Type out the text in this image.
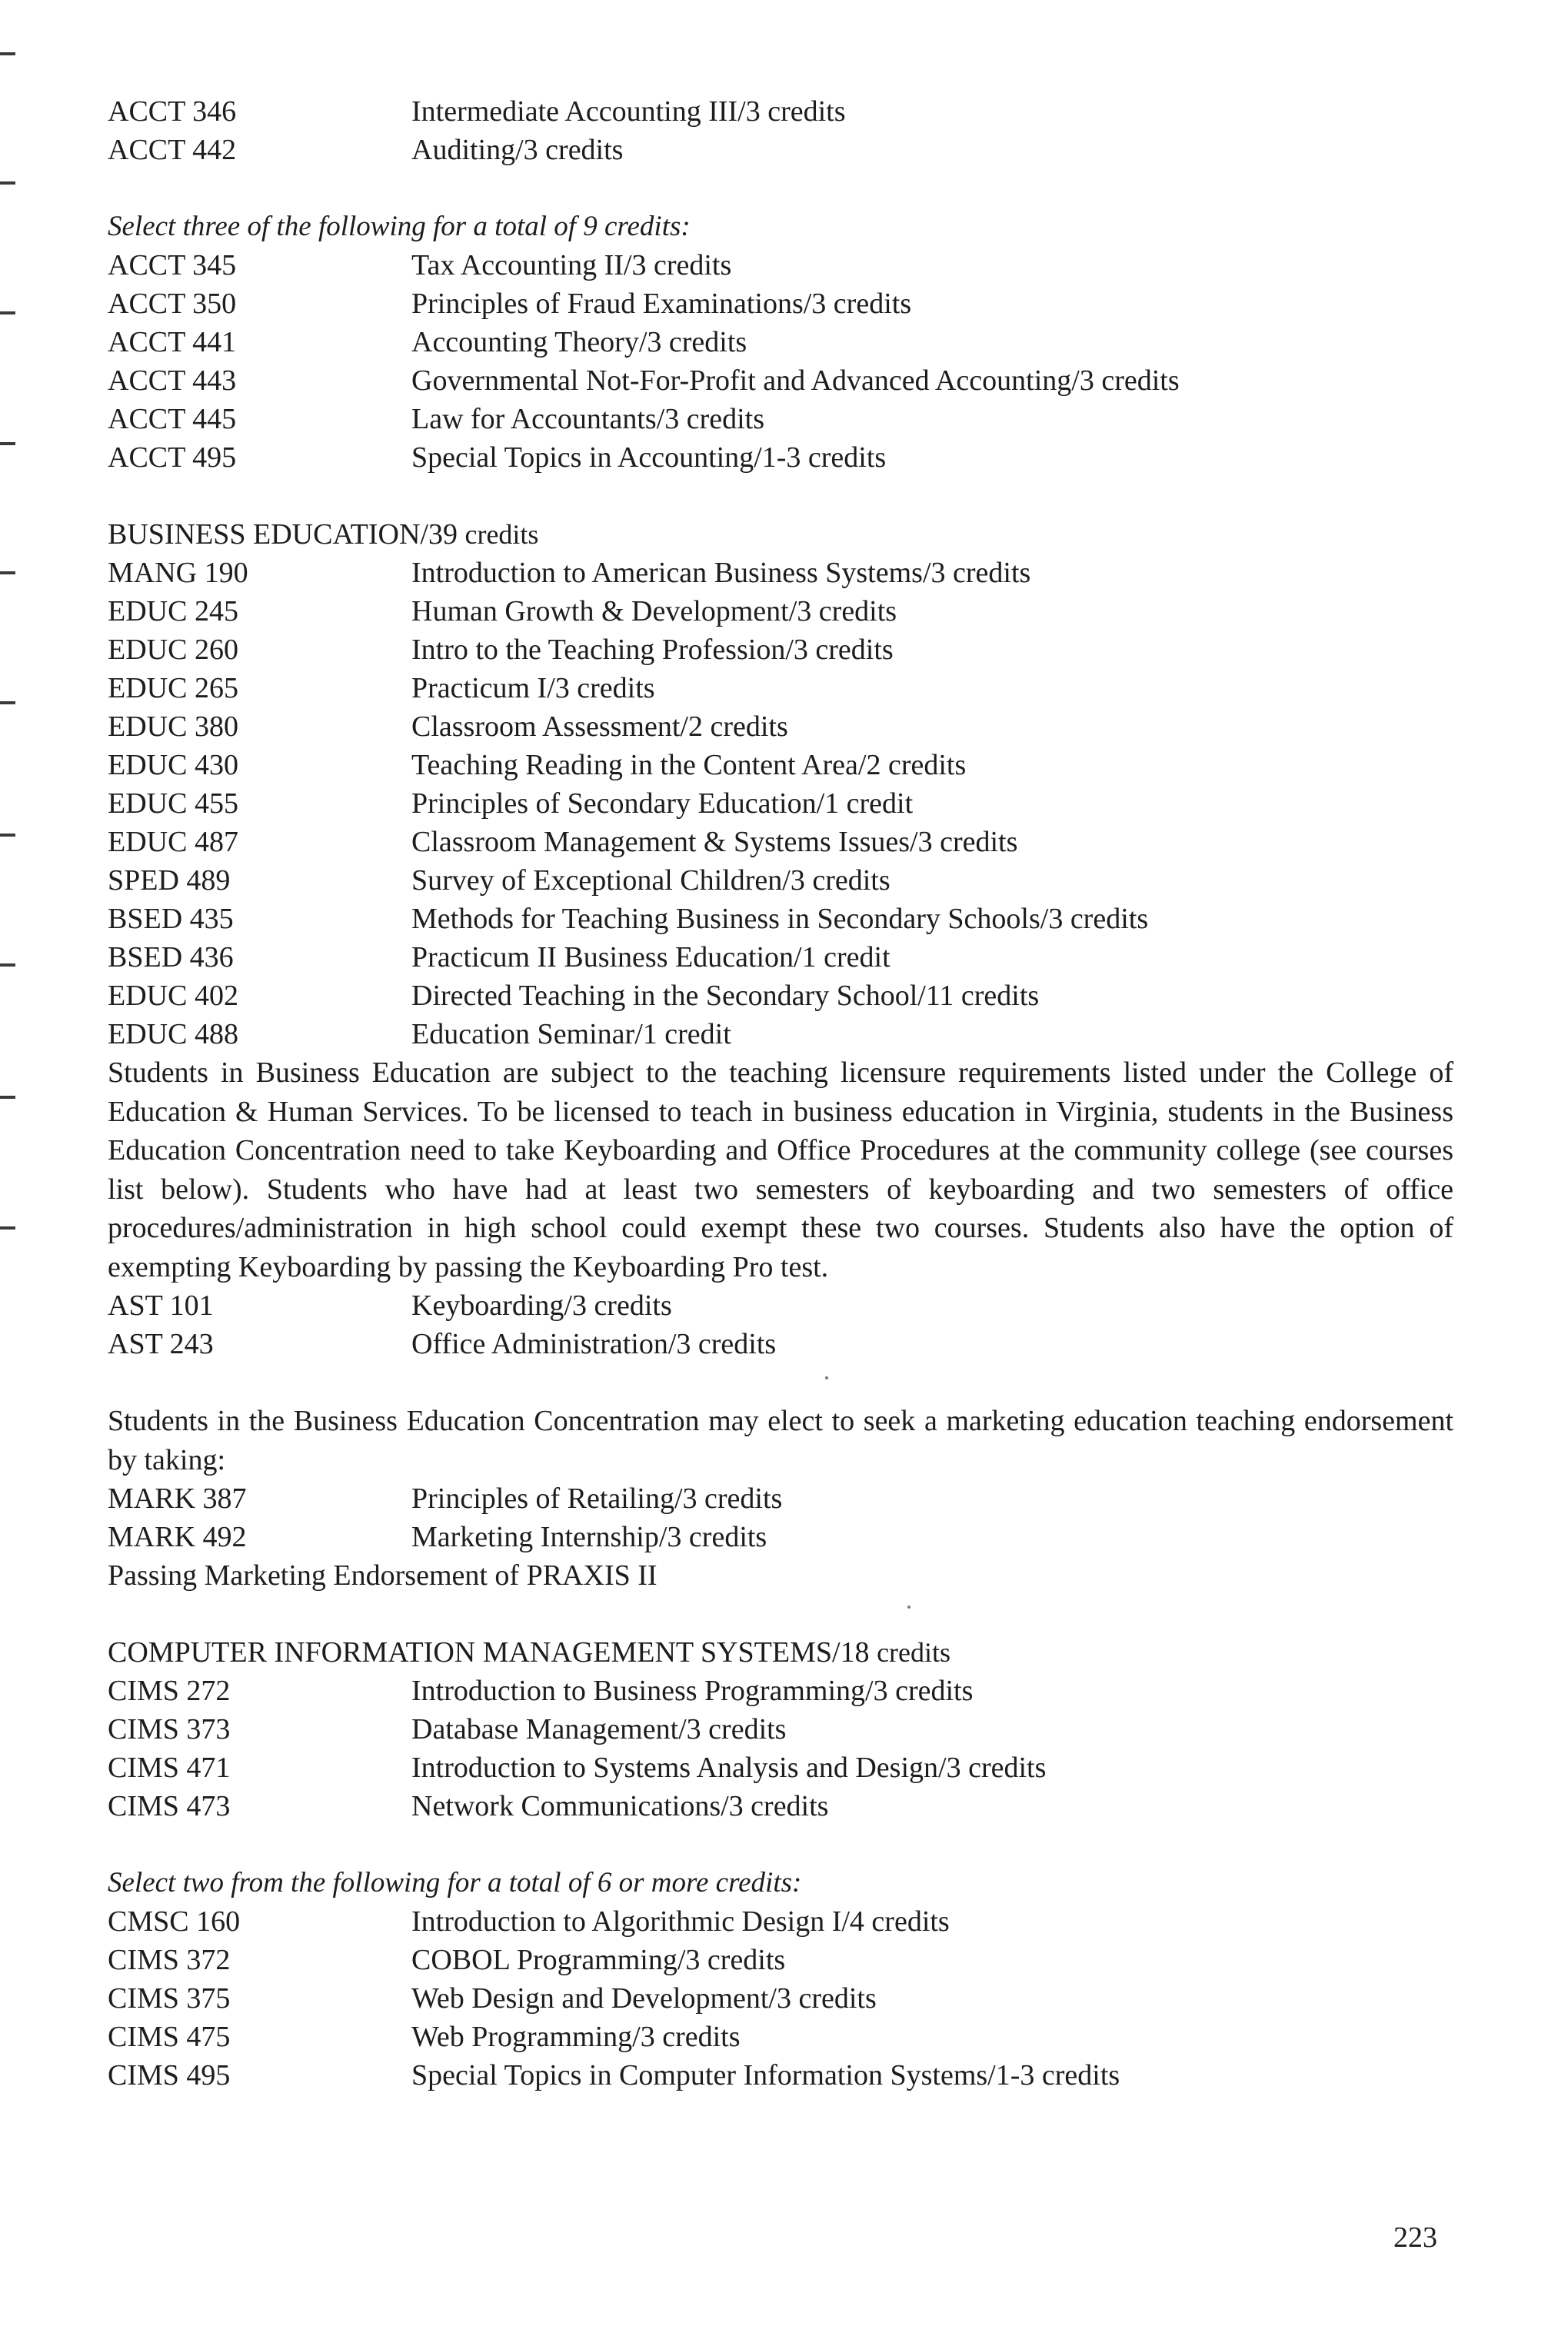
ACCT 346	Intermediate Accounting III/3 credits
ACCT 442	Auditing/3 credits
Select three of the following for a total of 9 credits:
ACCT 345	Tax Accounting II/3 credits
ACCT 350	Principles of Fraud Examinations/3 credits
ACCT 441	Accounting Theory/3 credits
ACCT 443	Governmental Not-For-Profit and Advanced Accounting/3 credits
ACCT 445	Law for Accountants/3 credits
ACCT 495	Special Topics in Accounting/1-3 credits
BUSINESS EDUCATION/39 credits
MANG 190	Introduction to American Business Systems/3 credits
EDUC 245	Human Growth & Development/3 credits
EDUC 260	Intro to the Teaching Profession/3 credits
EDUC 265	Practicum I/3 credits
EDUC 380	Classroom Assessment/2 credits
EDUC 430	Teaching Reading in the Content Area/2 credits
EDUC 455	Principles of Secondary Education/1 credit
EDUC 487	Classroom Management & Systems Issues/3 credits
SPED 489	Survey of Exceptional Children/3 credits
BSED 435	Methods for Teaching Business in Secondary Schools/3 credits
BSED 436	Practicum II Business Education/1 credit
EDUC 402	Directed Teaching in the Secondary School/11 credits
EDUC 488	Education Seminar/1 credit
Students in Business Education are subject to the teaching licensure requirements listed under the College of Education & Human Services. To be licensed to teach in business education in Virginia, students in the Business Education Concentration need to take Keyboarding and Office Procedures at the community college (see courses list below). Students who have had at least two semesters of keyboarding and two semesters of office procedures/administration in high school could exempt these two courses. Students also have the option of exempting Keyboarding by passing the Keyboarding Pro test.
AST 101	Keyboarding/3 credits
AST 243	Office Administration/3 credits
Students in the Business Education Concentration may elect to seek a marketing education teaching endorsement by taking:
MARK 387	Principles of Retailing/3 credits
MARK 492	Marketing Internship/3 credits
Passing Marketing Endorsement of PRAXIS II
COMPUTER INFORMATION MANAGEMENT SYSTEMS/18 credits
CIMS 272	Introduction to Business Programming/3 credits
CIMS 373	Database Management/3 credits
CIMS 471	Introduction to Systems Analysis and Design/3 credits
CIMS 473	Network Communications/3 credits
Select two from the following for a total of 6 or more credits:
CMSC 160	Introduction to Algorithmic Design I/4 credits
CIMS 372	COBOL Programming/3 credits
CIMS 375	Web Design and Development/3 credits
CIMS 475	Web Programming/3 credits
CIMS 495	Special Topics in Computer Information Systems/1-3 credits
223
